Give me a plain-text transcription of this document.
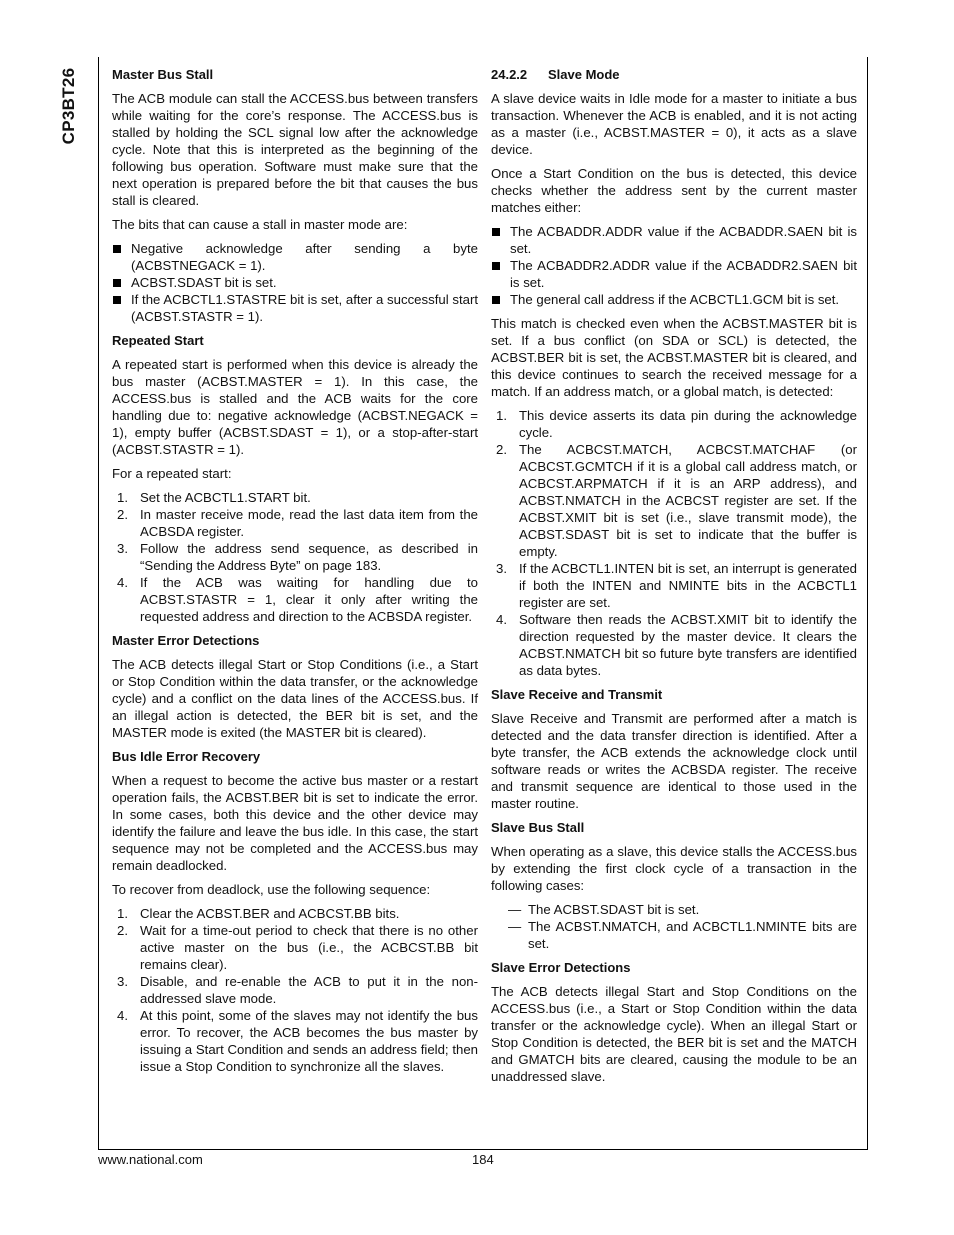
CP3BT26	Master Bus Stall

The ACB module can stall the ACCESS.bus between transfers while waiting for the core’s response. The ACCESS.bus is stalled by holding the SCL signal low after the acknowledge cycle. Note that this is interpreted as the beginning of the following bus operation. Software must make sure that the next operation is prepared before the bit that causes the bus stall is cleared.

The bits that can cause a stall in master mode are:

Negative acknowledge after sending a byte (ACBSTNEGACK = 1).
ACBST.SDAST bit is set.
If the ACBCTL1.STASTRE bit is set, after a successful start (ACBST.STASTR = 1).
Repeated Start

A repeated start is performed when this device is already the bus master (ACBST.MASTER = 1). In this case, the ACCESS.bus is stalled and the ACB waits for the core handling due to: negative acknowledge (ACBST.NEGACK = 1), empty buffer (ACBST.SDAST = 1), or a stop-after-start (ACBST.STASTR = 1).

For a repeated start:

1. Set the ACBCTL1.START bit.
2. In master receive mode, read the last data item from the ACBSDA register.
3. Follow the address send sequence, as described in “Sending the Address Byte” on page 183.
4. If the ACB was waiting for handling due to ACBST.STASTR = 1, clear it only after writing the requested address and direction to the ACBSDA register.
Master Error Detections

The ACB detects illegal Start or Stop Conditions (i.e., a Start or Stop Condition within the data transfer, or the acknowledge cycle) and a conflict on the data lines of the ACCESS.bus. If an illegal action is detected, the BER bit is set, and the MASTER mode is exited (the MASTER bit is cleared).

Bus Idle Error Recovery

When a request to become the active bus master or a restart operation fails, the ACBST.BER bit is set to indicate the error. In some cases, both this device and the other device may identify the failure and leave the bus idle. In this case, the start sequence may not be completed and the ACCESS.bus may remain deadlocked.

To recover from deadlock, use the following sequence:

1. Clear the ACBST.BER and ACBCST.BB bits.
2. Wait for a time-out period to check that there is no other active master on the bus (i.e., the ACBCST.BB bit remains clear).
3. Disable, and re-enable the ACB to put it in the non-addressed slave mode.
4. At this point, some of the slaves may not identify the bus error. To recover, the ACB becomes the bus master by issuing a Start Condition and sends an address field; then issue a Stop Condition to synchronize all the slaves.
24.2.2 Slave Mode

A slave device waits in Idle mode for a master to initiate a bus transaction. Whenever the ACB is enabled, and it is not acting as a master (i.e., ACBST.MASTER = 0), it acts as a slave device.

Once a Start Condition on the bus is detected, this device checks whether the address sent by the current master matches either:

The ACBADDR.ADDR value if the ACBADDR.SAEN bit is set.
The ACBADDR2.ADDR value if the ACBADDR2.SAEN bit is set.
The general call address if the ACBCTL1.GCM bit is set.

This match is checked even when the ACBST.MASTER bit is set. If a bus conflict (on SDA or SCL) is detected, the ACBST.BER bit is set, the ACBST.MASTER bit is cleared, and this device continues to search the received message for a match. If an address match, or a global match, is detected:

1. This device asserts its data pin during the acknowledge cycle.
2. The ACBCST.MATCH, ACBCST.MATCHAF (or ACBCST.GCMTCH if it is a global call address match, or ACBCST.ARPMATCH if it is an ARP address), and ACBST.NMATCH in the ACBCST register are set. If the ACBST.XMIT bit is set (i.e., slave transmit mode), the ACBST.SDAST bit is set to indicate that the buffer is empty.
3. If the ACBCTL1.INTEN bit is set, an interrupt is generated if both the INTEN and NMINTE bits in the ACBCTL1 register are set.
4. Software then reads the ACBST.XMIT bit to identify the direction requested by the master device. It clears the ACBST.NMATCH bit so future byte transfers are identified as data bytes.
Slave Receive and Transmit

Slave Receive and Transmit are performed after a match is detected and the data transfer direction is identified. After a byte transfer, the ACB extends the acknowledge clock until software reads or writes the ACBSDA register. The receive and transmit sequence are identical to those used in the master routine.

Slave Bus Stall

When operating as a slave, this device stalls the ACCESS.bus by extending the first clock cycle of a transaction in the following cases:

— The ACBST.SDAST bit is set.
— The ACBST.NMATCH, and ACBCTL1.NMINTE bits are set.
Slave Error Detections

The ACB detects illegal Start and Stop Conditions on the ACCESS.bus (i.e., a Start or Stop Condition within the data transfer or the acknowledge cycle). When an illegal Start or Stop Condition is detected, the BER bit is set and the MATCH and GMATCH bits are cleared, causing the module to be an unaddressed slave.

www.national.com	184
